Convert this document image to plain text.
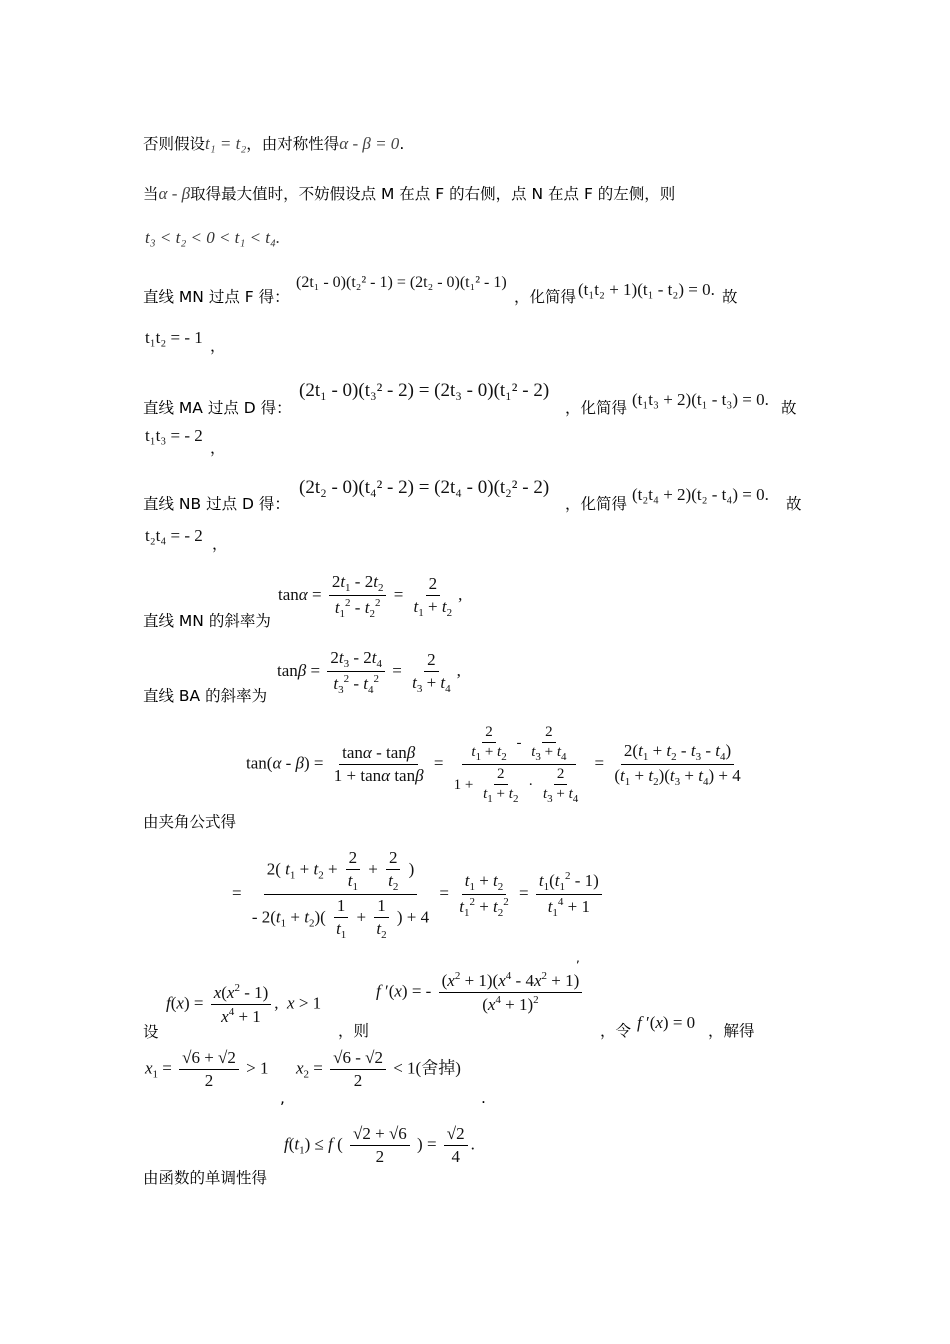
否则假设t₁ = t₂，由对称性得α - β = 0.
当α - β取得最大值时，不妨假设点 M 在点 F 的右侧，点 N 在点 F 的左侧，则
t₃ < t₂ < 0 < t₁ < t₄.
直线 MN 过点 F 得：
(2t₁ - 0)(t₂² - 1) = (2t₂ - 0)(t₁² - 1)
，化简得 (t₁t₂ + 1)(t₁ - t₂) = 0. 故
t₁t₂ = - 1 ，
直线 MA 过点 D 得：
(2t₁ - 0)(t₃² - 2) = (2t₃ - 0)(t₁² - 2)
，化简得 (t₁t₃ + 2)(t₁ - t₃) = 0. 故
t₁t₃ = - 2
，
直线 NB 过点 D 得：
(2t₂ - 0)(t₄² - 2) = (2t₄ - 0)(t₂² - 2)
，化简得 (t₂t₄ + 2)(t₂ - t₄) = 0. 故
t₂t₄ = - 2 ，
$\tan\alpha = \frac{2t_1 - 2t_2}{t_1^2 - t_2^2} = \frac{2}{t_1 + t_2}$ ,
直线 MN 的斜率为
$\tan\beta = \frac{2t_3 - 2t_4}{t_3^2 - t_4^2} = \frac{2}{t_3 + t_4}$ ,
直线 BA 的斜率为
$\tan(\alpha - \beta) = \frac{\tan\alpha - \tan\beta}{\text{1 + tanα tanβ}} = \frac{\frac{2}{t_1 + t_2} - \frac{2}{t_3 + t_4}}{1 + \frac{2}{t_1 + t_2} \cdot \frac{2}{t_3 + t_4}} = \frac{2(t_1 + t_2 - t_3 - t_4)}{(t_1 + t_2)(t_3 + t_4) + 4}$
由夹角公式得
= $\frac{2( t_1 + t_2 + \frac{2}{t_1} + \frac{2}{t_2} )}{- 2(t_1 + t_2)( \frac{1}{t_1} + \frac{1}{t_2} ) + 4} = \frac{t_1 + t_2}{t_1^2 + t_2^2} = \frac{t_1(t_1^2 - 1)}{t_1^4 + 1}$
,
设
$f(x) = \frac{x(x^2 - 1)}{x^4 + 1}$ ,  x > 1
，则
f ′(x) = - $\frac{(x^2 + 1)(x^4 - 4x^2 + 1)}{(x^4 + 1)^2}$
，令 f ′(x) = 0 ，解得
$x_1 = \frac{√6 + √2}{2} > 1$
,
$x_2 = \frac{√6 - √2}{2} < 1$(舍掉)
.
$f(t_1) \le f$ ( $\frac{√2 + √6}{2}$ ) = $\frac{√2}{4}$ .
由函数的单调性得
